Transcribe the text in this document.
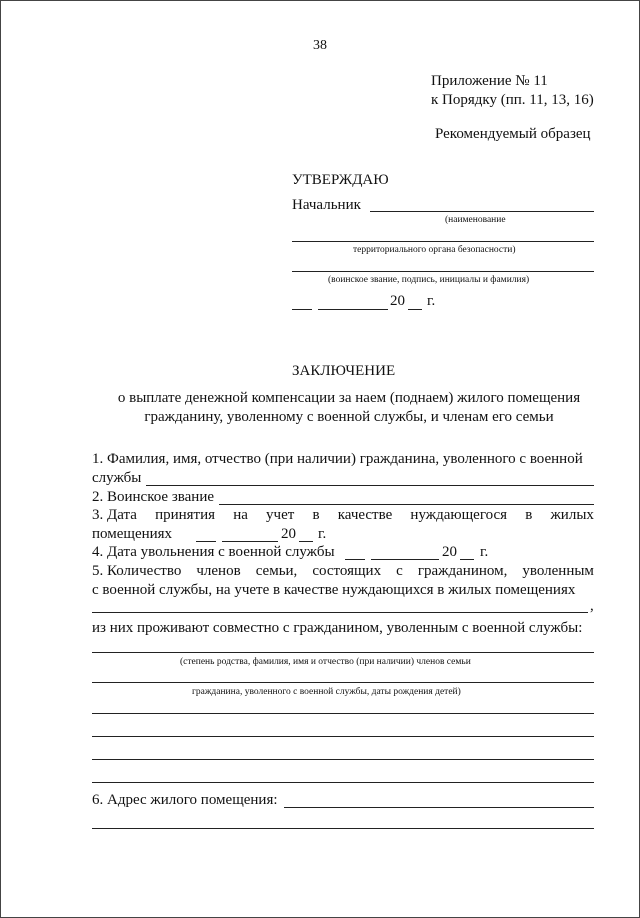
38
Приложение № 11
к Порядку (пп. 11, 13, 16)
Рекомендуемый образец
УТВЕРЖДАЮ
Начальник
(наименование
территориального органа безопасности)
(воинское звание, подпись, инициалы и фамилия)
20 г.
ЗАКЛЮЧЕНИЕ
о выплате денежной компенсации за наем (поднаем) жилого помещения
гражданину, уволенному с военной службы, и членам его семьи
1. Фамилия, имя, отчество (при наличии) гражданина, уволенного с военной
службы
2. Воинское звание
3. Дата принятия на учет в качестве нуждающегося в жилых
помещениях	20 г.
4. Дата увольнения с военной службы	20 г.
5. Количество членов семьи, состоящих с гражданином, уволенным
с военной службы, на учете в качестве нуждающихся в жилых помещениях
,
из них проживают совместно с гражданином, уволенным с военной службы:
(степень родства, фамилия, имя и отчество (при наличии) членов семьи
гражданина, уволенного с военной службы, даты рождения детей)
6. Адрес жилого помещения:
